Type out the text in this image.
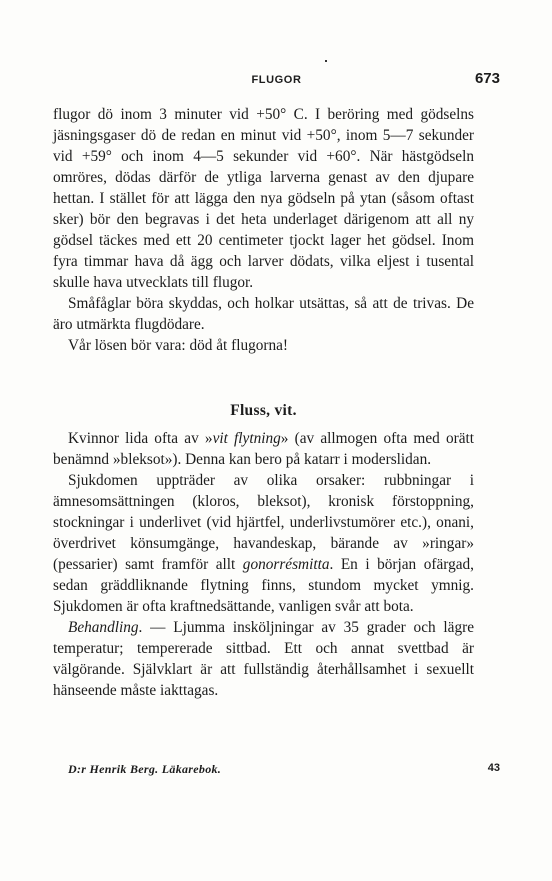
FLUGOR	673

flugor dö inom 3 minuter vid +50° C. I beröring med gödselns jäsningsgaser dö de redan en minut vid +50°, inom 5—7 sekunder vid +59° och inom 4—5 sekunder vid +60°. När hästgödseln omröres, dödas därför de ytliga larverna genast av den djupare hettan. I stället för att lägga den nya gödseln på ytan (såsom oftast sker) bör den begravas i det heta underlaget därigenom att all ny gödsel täckes med ett 20 centimeter tjockt lager het gödsel. Inom fyra timmar hava då ägg och larver dödats, vilka eljest i tusental skulle hava utvecklats till flugor.

Småfåglar böra skyddas, och holkar utsättas, så att de trivas. De äro utmärkta flugdödare.

Vår lösen bör vara: död åt flugorna!

Fluss, vit.

Kvinnor lida ofta av »vit flytning» (av allmogen ofta med orätt benämnd »bleksot»). Denna kan bero på katarr i moderslidan.

Sjukdomen uppträder av olika orsaker: rubbningar i ämnesomsättningen (kloros, bleksot), kronisk förstoppning, stockningar i underlivet (vid hjärtfel, underlivstumörer etc.), onani, överdrivet könsumgänge, havandeskap, bärande av »ringar» (pessarier) samt framför allt gonorrésmitta. En i början ofärgad, sedan gräddliknande flytning finns, stundom mycket ymnig. Sjukdomen är ofta kraftnedsättande, vanligen svår att bota.

Behandling. — Ljumma insköljningar av 35 grader och lägre temperatur; tempererade sittbad. Ett och annat svettbad är välgörande. Självklart är att fullständig återhållsamhet i sexuellt hänseende måste iakttagas.

D:r Henrik Berg. Läkarebok.	43
